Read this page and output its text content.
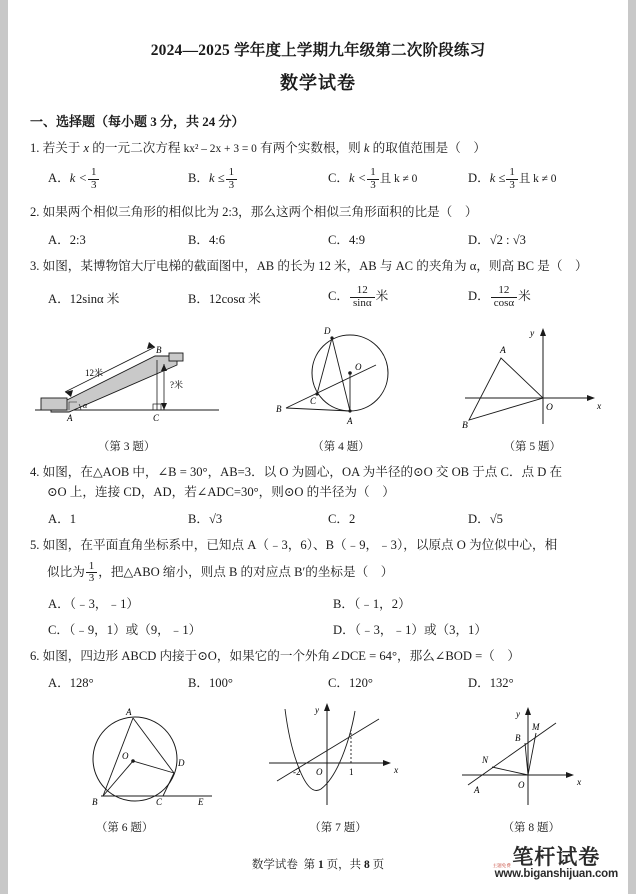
2024—2025 学年度上学期九年级第二次阶段练习
数学试卷
一、选择题（每小题 3 分，共 24 分）
1. 若关于 x 的一元二次方程 kx² – 2x + 3 = 0 有两个实数根，则 k 的取值范围是（　）
A．$k < \frac{1}{3}$	B．$k \le \frac{1}{3}$	C．$k < \frac{1}{3}$ 且 k ≠ 0	D．$k \le \frac{1}{3}$ 且 k ≠ 0
2. 如果两个相似三角形的相似比为 2:3，那么这两个相似三角形面积的比是（　）
A．2:3	B．4:6	C．4:9	D．√2 : √3
3. 如图，某博物馆大厅电梯的截面图中，AB 的长为 12 米，AB 与 AC 的夹角为 α，则高 BC 是（　）
A．12sinα 米	B．12cosα 米	C． $\frac{12}{\sin\alpha}$ 米	D． $\frac{12}{\cos\alpha}$ 米
12米
?米
α
A
B
C
（第 3 题）
O
D
A
C
B
（第 4 题）
y
x
O
A
B
（第 5 题）
4. 如图，在△AOB 中，∠B = 30°，AB=3．以 O 为圆心，OA 为半径的⊙O 交 OB 于点 C．点 D 在
⊙O 上，连接 CD，AD，若∠ADC=30°，则⊙O 的半径为（　）
A．1	B．√3	C．2	D．√5
5. 如图，在平面直角坐标系中，已知点 A（﹣3，6）、B（﹣9，﹣3），以原点 O 为位似中心，相
似比为 $\frac{1}{3}$ ，把△ABO 缩小，则点 B 的对应点 B′的坐标是（　）
A．（﹣3，﹣1）	B．（﹣1，2）
C．（﹣9，1）或（9，﹣1）	D．（﹣3，﹣1）或（3，1）
6. 如图，四边形 ABCD 内接于⊙O，如果它的一个外角∠DCE = 64°，那么∠BOD =（　）
A．128°	B．100°	C．120°	D．132°
O
A
D
B	C	E
（第 6 题）
y
x
O
-2	1
（第 7 题）
y
x
O
A
N
B
M
（第 8 题）
数学试卷 第 1 页，共 8 页	笔杆试卷
www.biganshijuan.com
主题免费
